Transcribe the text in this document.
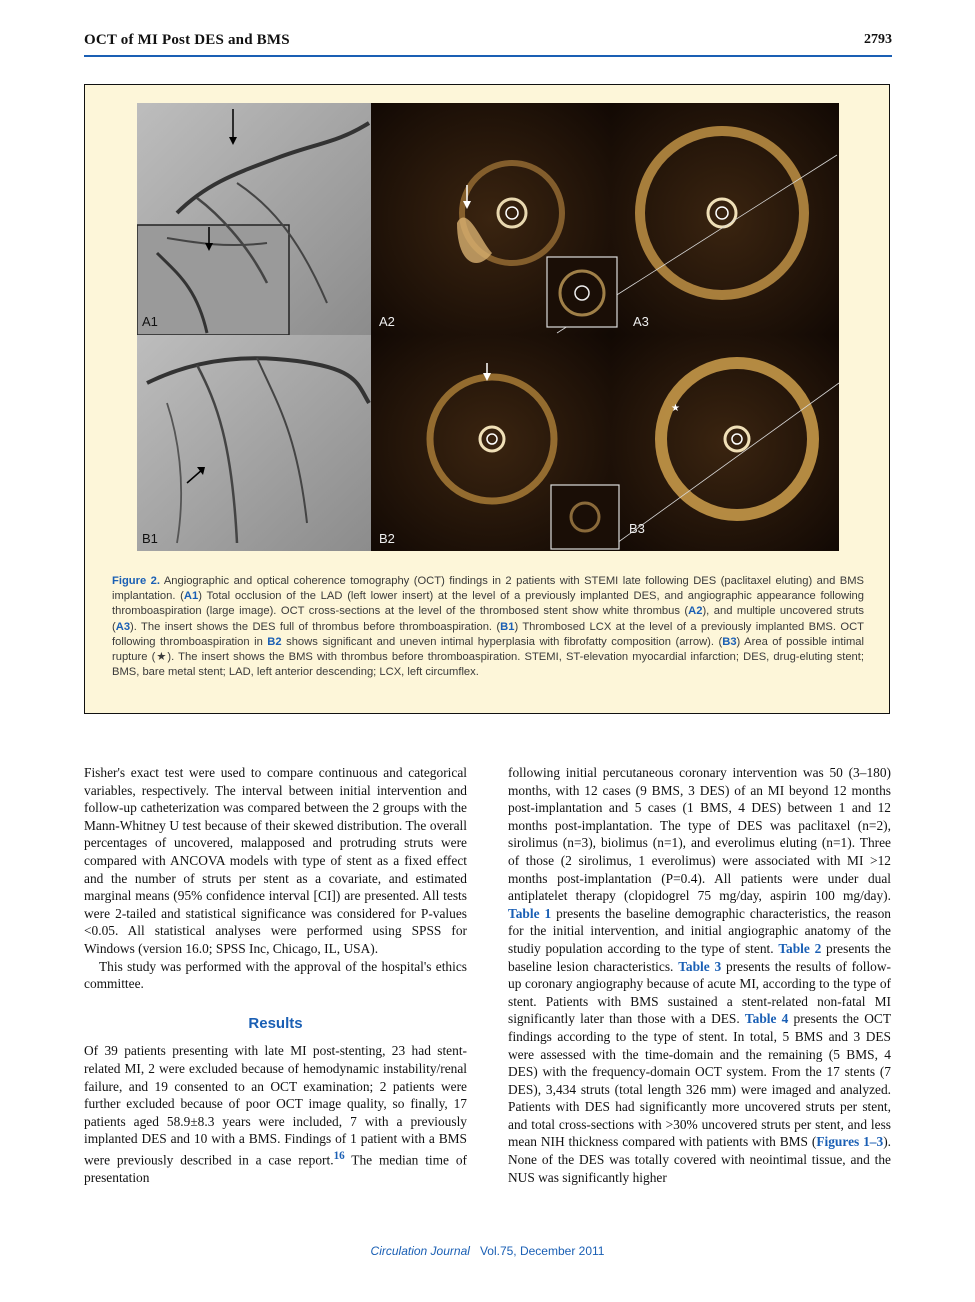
OCT of MI Post DES and BMS	2793
A1	A2	A3
B1	B2
★
B3
Figure 2. Angiographic and optical coherence tomography (OCT) findings in 2 patients with STEMI late following DES (paclitaxel eluting) and BMS implantation. (A1) Total occlusion of the LAD (left lower insert) at the level of a previously implanted DES, and angiographic appearance following thromboaspiration (large image). OCT cross-sections at the level of the thrombosed stent show white thrombus (A2), and multiple uncovered struts (A3). The insert shows the DES full of thrombus before thromboaspiration. (B1) Thrombosed LCX at the level of a previously implanted BMS. OCT following thromboaspiration in B2 shows significant and uneven intimal hyperplasia with fibrofatty composition (arrow). (B3) Area of possible intimal rupture (★). The insert shows the BMS with thrombus before thromboaspiration. STEMI, ST-elevation myocardial infarction; DES, drug-eluting stent; BMS, bare metal stent; LAD, left anterior descending; LCX, left circumflex.

Fisher's exact test were used to compare continuous and categorical variables, respectively. The interval between initial intervention and follow-up catheterization was compared between the 2 groups with the Mann-Whitney U test because of their skewed distribution. The overall percentages of uncovered, malapposed and protruding struts were compared with ANCOVA models with type of stent as a fixed effect and the number of struts per stent as a covariate, and estimated marginal means (95% confidence interval [CI]) are presented. All tests were 2-tailed and statistical significance was considered for P-values <0.05. All statistical analyses were performed using SPSS for Windows (version 16.0; SPSS Inc, Chicago, IL, USA).

This study was performed with the approval of the hospital's ethics committee.

Results

Of 39 patients presenting with late MI post-stenting, 23 had stent-related MI, 2 were excluded because of hemodynamic instability/renal failure, and 19 consented to an OCT examination; 2 patients were further excluded because of poor OCT image quality, so finally, 17 patients aged 58.9±8.3 years were included, 7 with a previously implanted DES and 10 with a BMS. Findings of 1 patient with a BMS were previously described in a case report.$^{16}$ The median time of presentation

following initial percutaneous coronary intervention was 50 (3–180) months, with 12 cases (9 BMS, 3 DES) of an MI beyond 12 months post-implantation and 5 cases (1 BMS, 4 DES) between 1 and 12 months post-implantation. The type of DES was paclitaxel (n=2), sirolimus (n=3), biolimus (n=1), and everolimus eluting (n=1). Three of those (2 sirolimus, 1 everolimus) were associated with MI >12 months post-implantation (P=0.4). All patients were under dual antiplatelet therapy (clopidogrel 75 mg/day, aspirin 100 mg/day). Table 1 presents the baseline demographic characteristics, the reason for the initial intervention, and initial angiographic anatomy of the studiy population according to the type of stent. Table 2 presents the baseline lesion characteristics. Table 3 presents the results of follow-up coronary angiography because of acute MI, according to the type of stent. Patients with BMS sustained a stent-related non-fatal MI significantly later than those with a DES. Table 4 presents the OCT findings according to the type of stent. In total, 5 BMS and 3 DES were assessed with the time-domain and the remaining (5 BMS, 4 DES) with the frequency-domain OCT system. From the 17 stents (7 DES), 3,434 struts (total length 326 mm) were imaged and analyzed. Patients with DES had significantly more uncovered struts per stent, and total cross-sections with >30% uncovered struts per stent, and less mean NIH thickness compared with patients with BMS (Figures 1–3). None of the DES was totally covered with neointimal tissue, and the NUS was significantly higher

Circulation Journal Vol.75, December 2011
